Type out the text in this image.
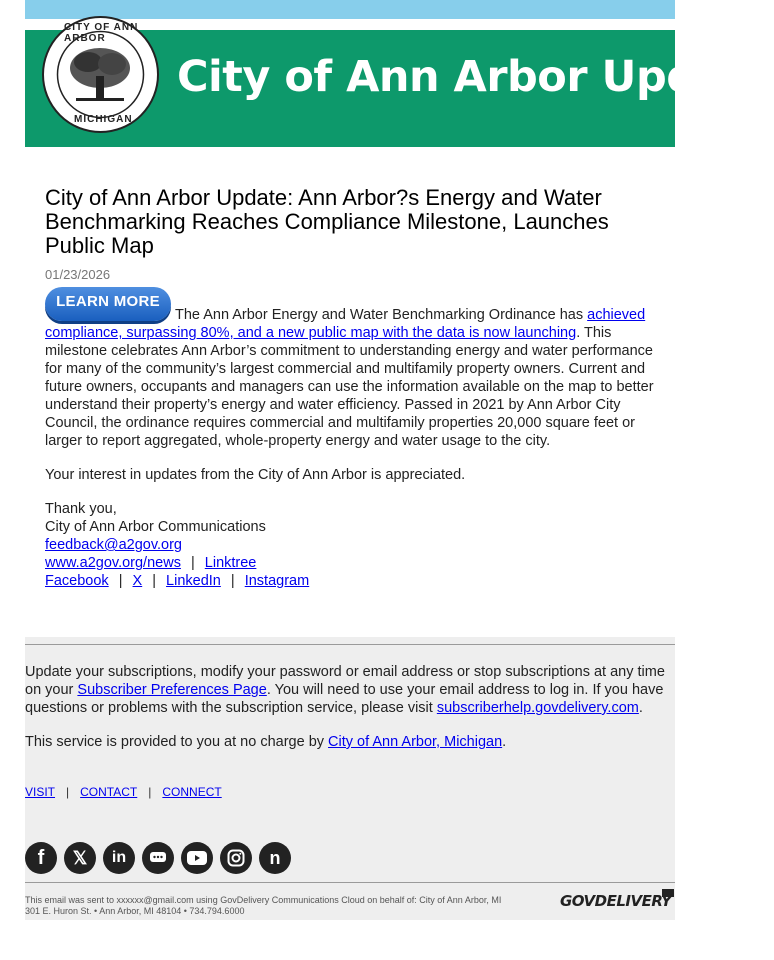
CITY OF ANN ARBOR
MICHIGAN
City of Ann Arbor Update
City of Ann Arbor Update: Ann Arbor?s Energy and Water Benchmarking Reaches Compliance Milestone, Launches Public Map
01/23/2026
LEARN MORE

The Ann Arbor Energy and Water Benchmarking Ordinance has achieved compliance, surpassing 80%, and a new public map with the data is now launching. This milestone celebrates Ann Arbor’s commitment to understanding energy and water performance for many of the community’s largest commercial and multifamily property owners. Current and future owners, occupants and managers can use the information available on the map to better understand their property’s energy and water efficiency. Passed in 2021 by Ann Arbor City Council, the ordinance requires commercial and multifamily properties 20,000 square feet or larger to report aggregated, whole-property energy and water usage to the city.

Your interest in updates from the City of Ann Arbor is appreciated.

Thank you,
City of Ann Arbor Communications
feedback@a2gov.org
www.a2gov.org/news | Linktree
Facebook | X | LinkedIn | Instagram

Update your subscriptions, modify your password or email address or stop subscriptions at any time on your Subscriber Preferences Page. You will need to use your email address to log in. If you have questions or problems with the subscription service, please visit subscriberhelp.govdelivery.com.

This service is provided to you at no charge by City of Ann Arbor, Michigan.

VISIT | CONTACT | CONNECT
f 𝕏 in	n
This email was sent to xxxxxx@gmail.com using GovDelivery Communications Cloud on behalf of: City of Ann Arbor, MI
301 E. Huron St. • Ann Arbor, MI 48104 • 734.794.6000
GOVDELIVERY
